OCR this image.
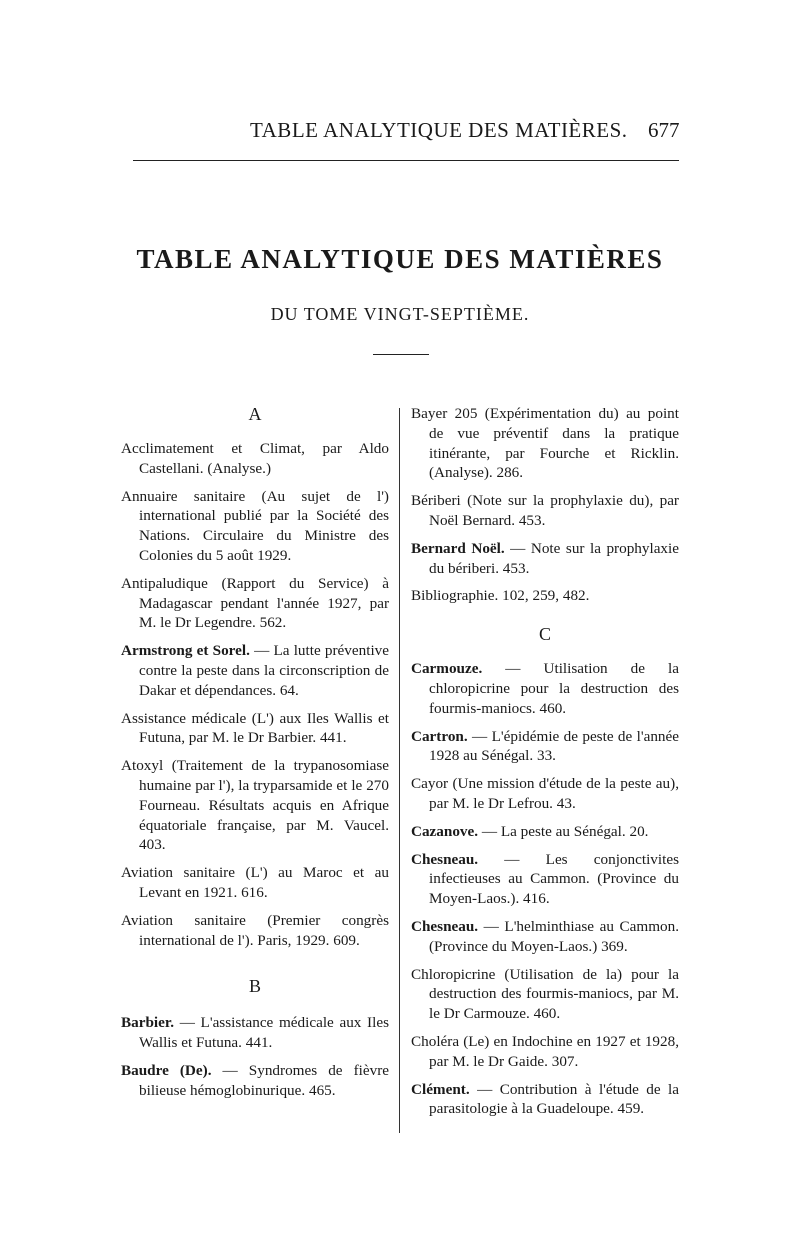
TABLE ANALYTIQUE DES MATIÈRES. 677
TABLE ANALYTIQUE DES MATIÈRES
DU TOME VINGT-SEPTIÈME.

A

Acclimatement et Climat, par Aldo Castellani. (Analyse.)

Annuaire sanitaire (Au sujet de l') international publié par la Société des Nations. Circulaire du Ministre des Colonies du 5 août 1929.

Antipaludique (Rapport du Service) à Madagascar pendant l'année 1927, par M. le Dr Legendre. 562.

Armstrong et Sorel. — La lutte préventive contre la peste dans la circonscription de Dakar et dépendances. 64.

Assistance médicale (L') aux Iles Wallis et Futuna, par M. le Dr Barbier. 441.

Atoxyl (Traitement de la trypanosomiase humaine par l'), la tryparsamide et le 270 Fourneau. Résultats acquis en Afrique équatoriale française, par M. Vaucel. 403.

Aviation sanitaire (L') au Maroc et au Levant en 1921. 616.

Aviation sanitaire (Premier congrès international de l'). Paris, 1929. 609.

B

Barbier. — L'assistance médicale aux Iles Wallis et Futuna. 441.

Baudre (De). — Syndromes de fièvre bilieuse hémoglobinurique. 465.

Bayer 205 (Expérimentation du) au point de vue préventif dans la pratique itinérante, par Fourche et Ricklin. (Analyse). 286.

Bériberi (Note sur la prophylaxie du), par Noël Bernard. 453.

Bernard Noël. — Note sur la prophylaxie du bériberi. 453.

Bibliographie. 102, 259, 482.

C

Carmouze. — Utilisation de la chloropicrine pour la destruction des fourmis-maniocs. 460.

Cartron. — L'épidémie de peste de l'année 1928 au Sénégal. 33.

Cayor (Une mission d'étude de la peste au), par M. le Dr Lefrou. 43.

Cazanove. — La peste au Sénégal. 20.

Chesneau. — Les conjonctivites infectieuses au Cammon. (Province du Moyen-Laos.). 416.

Chesneau. — L'helminthiase au Cammon. (Province du Moyen-Laos.) 369.

Chloropicrine (Utilisation de la) pour la destruction des fourmis-maniocs, par M. le Dr Carmouze. 460.

Choléra (Le) en Indochine en 1927 et 1928, par M. le Dr Gaide. 307.

Clément. — Contribution à l'étude de la parasitologie à la Guadeloupe. 459.
